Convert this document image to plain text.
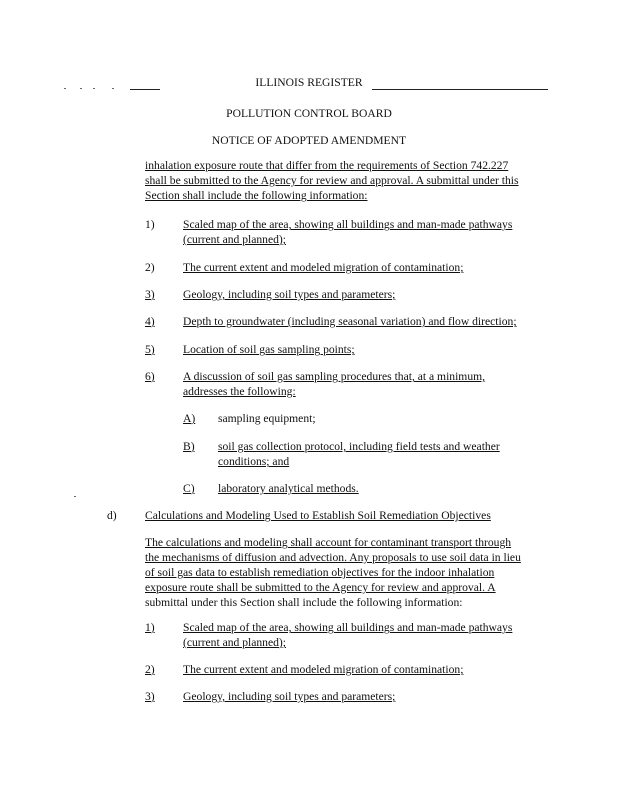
ILLINOIS REGISTER
POLLUTION CONTROL BOARD
NOTICE OF ADOPTED AMENDMENT
inhalation exposure route that differ from the requirements of Section 742.227
shall be submitted to the Agency for review and approval. A submittal under this
Section shall include the following information:
1) Scaled map of the area, showing all buildings and man-made pathways
(current and planned);
2) The current extent and modeled migration of contamination;
3) Geology, including soil types and parameters;
4) Depth to groundwater (including seasonal variation) and flow direction;
5) Location of soil gas sampling points;
6) A discussion of soil gas sampling procedures that, at a minimum,
addresses the following:
A) sampling equipment;
B) soil gas collection protocol, including field tests and weather
conditions; and
C) laboratory analytical methods.
d) Calculations and Modeling Used to Establish Soil Remediation Objectives
The calculations and modeling shall account for contaminant transport through
the mechanisms of diffusion and advection. Any proposals to use soil data in lieu
of soil gas data to establish remediation objectives for the indoor inhalation
exposure route shall be submitted to the Agency for review and approval. A
submittal under this Section shall include the following information:
1) Scaled map of the area, showing all buildings and man-made pathways
(current and planned);
2) The current extent and modeled migration of contamination;
3) Geology, including soil types and parameters;
